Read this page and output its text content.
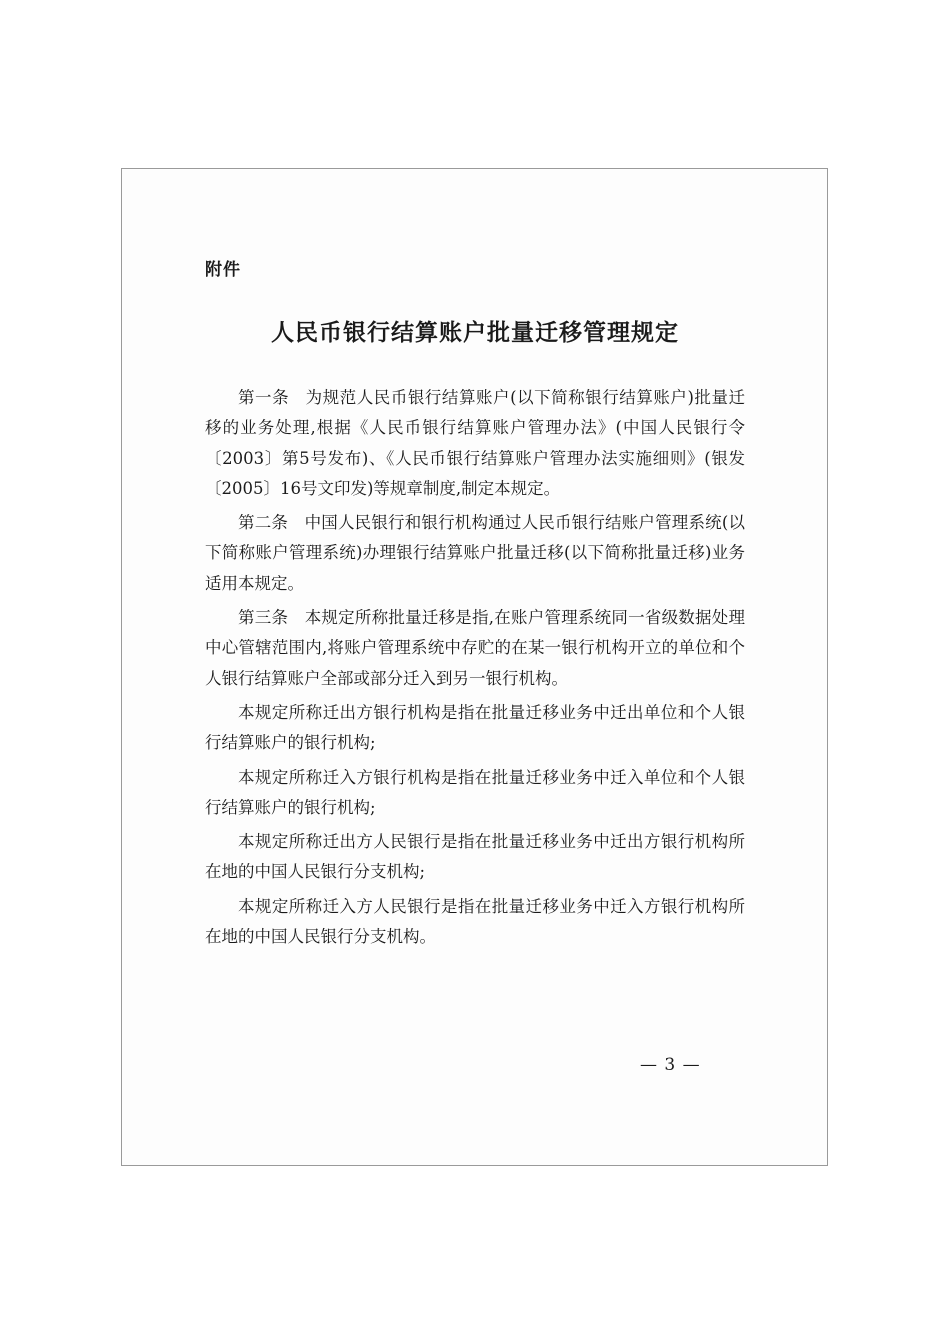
附件
人民币银行结算账户批量迁移管理规定

第一条 为规范人民币银行结算账户(以下简称银行结算账户)批量迁移的业务处理,根据《人民币银行结算账户管理办法》(中国人民银行令〔2003〕第5号发布)、《人民币银行结算账户管理办法实施细则》(银发〔2005〕16号文印发)等规章制度,制定本规定。

第二条 中国人民银行和银行机构通过人民币银行结账户管理系统(以下简称账户管理系统)办理银行结算账户批量迁移(以下简称批量迁移)业务适用本规定。

第三条 本规定所称批量迁移是指,在账户管理系统同一省级数据处理中心管辖范围内,将账户管理系统中存贮的在某一银行机构开立的单位和个人银行结算账户全部或部分迁入到另一银行机构。

本规定所称迁出方银行机构是指在批量迁移业务中迁出单位和个人银行结算账户的银行机构;

本规定所称迁入方银行机构是指在批量迁移业务中迁入单位和个人银行结算账户的银行机构;

本规定所称迁出方人民银行是指在批量迁移业务中迁出方银行机构所在地的中国人民银行分支机构;

本规定所称迁入方人民银行是指在批量迁移业务中迁入方银行机构所在地的中国人民银行分支机构。

— 3 —
